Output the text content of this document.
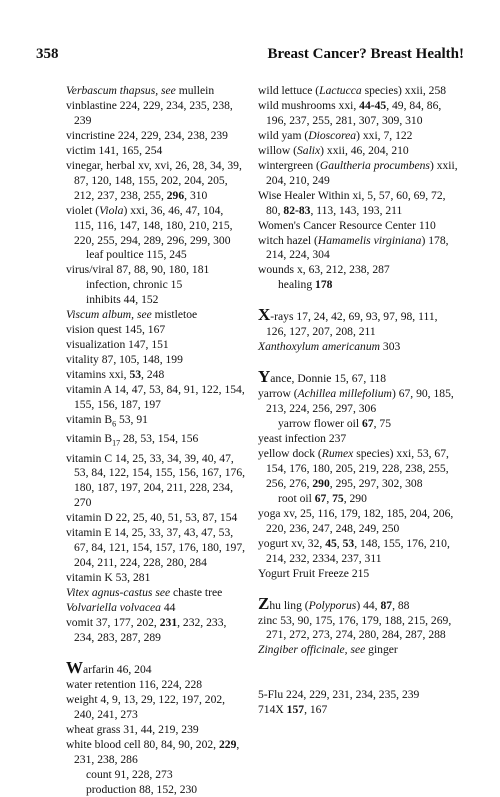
358	Breast Cancer? Breast Health!
Verbascum thapsus, see mullein
vinblastine 224, 229, 234, 235, 238, 239
vincristine 224, 229, 234, 238, 239
victim 141, 165, 254
vinegar, herbal xv, xvi, 26, 28, 34, 39, 87, 120, 148, 155, 202, 204, 205, 212, 237, 238, 255, 296, 310
violet (Viola) xxi, 36, 46, 47, 104, 115, 116, 147, 148, 180, 210, 215, 220, 255, 294, 289, 296, 299, 300
leaf poultice 115, 245
virus/viral 87, 88, 90, 180, 181
infection, chronic 15
inhibits 44, 152
Viscum album, see mistletoe
vision quest 145, 167
visualization 147, 151
vitality 87, 105, 148, 199
vitamins xxi, 53, 248
vitamin A 14, 47, 53, 84, 91, 122, 154, 155, 156, 187, 197
vitamin $B_6$ 53, 91
vitamin $B_{17}$ 28, 53, 154, 156
vitamin C 14, 25, 33, 34, 39, 40, 47, 53, 84, 122, 154, 155, 156, 167, 176, 180, 187, 197, 204, 211, 228, 234, 270
vitamin D 22, 25, 40, 51, 53, 87, 154
vitamin E 14, 25, 33, 37, 43, 47, 53, 67, 84, 121, 154, 157, 176, 180, 197, 204, 211, 224, 228, 280, 284
vitamin K 53, 281
Vitex agnus-castus see chaste tree
Volvariella volvacea 44
vomit 37, 177, 202, 231, 232, 233, 234, 283, 287, 289
Warfarin 46, 204
water retention 116, 224, 228
weight 4, 9, 13, 29, 122, 197, 202, 240, 241, 273
wheat grass 31, 44, 219, 239
white blood cell 80, 84, 90, 202, 229, 231, 238, 286
count 91, 228, 273
production 88, 152, 230
wild lettuce (Lactucca species) xxii, 258
wild mushrooms xxi, 44-45, 49, 84, 86, 196, 237, 255, 281, 307, 309, 310
wild yam (Dioscorea) xxi, 7, 122
willow (Salix) xxii, 46, 204, 210
wintergreen (Gaultheria procumbens) xxii, 204, 210, 249
Wise Healer Within xi, 5, 57, 60, 69, 72, 80, 82-83, 113, 143, 193, 211
Women's Cancer Resource Center 110
witch hazel (Hamamelis virginiana) 178, 214, 224, 304
wounds x, 63, 212, 238, 287
healing 178
X-rays 17, 24, 42, 69, 93, 97, 98, 111, 126, 127, 207, 208, 211
Xanthoxylum americanum 303
Yance, Donnie 15, 67, 118
yarrow (Achillea millefolium) 67, 90, 185, 213, 224, 256, 297, 306
yarrow flower oil 67, 75
yeast infection 237
yellow dock (Rumex species) xxi, 53, 67, 154, 176, 180, 205, 219, 228, 238, 255, 256, 276, 290, 295, 297, 302, 308
root oil 67, 75, 290
yoga xv, 25, 116, 179, 182, 185, 204, 206, 220, 236, 247, 248, 249, 250
yogurt xv, 32, 45, 53, 148, 155, 176, 210, 214, 232, 2334, 237, 311
Yogurt Fruit Freeze 215
Zhu ling (Polyporus) 44, 87, 88
zinc 53, 90, 175, 176, 179, 188, 215, 269, 271, 272, 273, 274, 280, 284, 287, 288
Zingiber officinale, see ginger
5-Flu 224, 229, 231, 234, 235, 239
714X 157, 167
